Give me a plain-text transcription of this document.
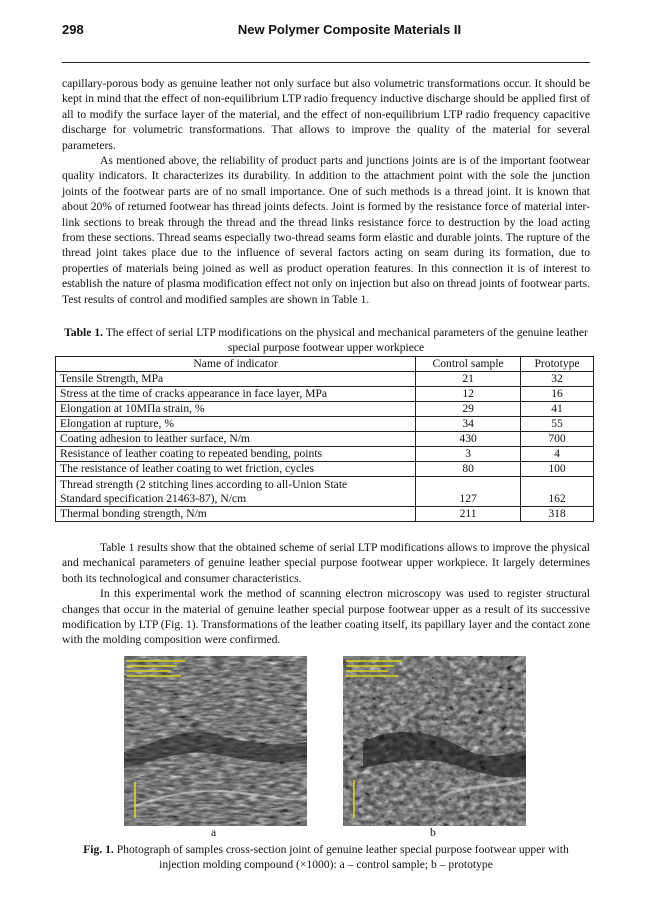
298	New Polymer Composite Materials II

capillary-porous body as genuine leather not only surface but also volumetric transformations occur. It should be kept in mind that the effect of non-equilibrium LTP radio frequency inductive discharge should be applied first of all to modify the surface layer of the material, and the effect of non-equilibrium LTP radio frequency capacitive discharge for volumetric transformations. That allows to improve the quality of the material for several parameters.

As mentioned above, the reliability of product parts and junctions joints are is of the important footwear quality indicators. It characterizes its durability. In addition to the attachment point with the sole the junction joints of the footwear parts are of no small importance. One of such methods is a thread joint. It is known that about 20% of returned footwear has thread joints defects. Joint is formed by the resistance force of material inter-link sections to break through the thread and the thread links resistance force to destruction by the load acting from these sections. Thread seams especially two-thread seams form elastic and durable joints. The rupture of the thread joint takes place due to the influence of several factors acting on seam during its formation, due to properties of materials being joined as well as product operation features. In this connection it is of interest to establish the nature of plasma modification effect not only on injection but also on thread joints of footwear parts. Test results of control and modified samples are shown in Table 1.

Table 1. The effect of serial LTP modifications on the physical and mechanical parameters of the genuine leather special purpose footwear upper workpiece
Name of indicator	Control sample	Prototype
Tensile Strength, MPa	21	32
Stress at the time of cracks appearance in face layer, MPa	12	16
Elongation at 10МПа strain, %	29	41
Elongation at rupture, %	34	55
Coating adhesion to leather surface, N/m	430	700
Resistance of leather coating to repeated bending, points	3	4
The resistance of leather coating to wet friction, cycles	80	100

Thread strength (2 stitching lines according to all-Union State
Standard specification 21463-87), N/cm	127	162
Thermal bonding strength, N/m	211	318

Table 1 results show that the obtained scheme of serial LTP modifications allows to improve the physical and mechanical parameters of genuine leather special purpose footwear upper workpiece. It largely determines both its technological and consumer characteristics.

In this experimental work the method of scanning electron microscopy was used to register structural changes that occur in the material of genuine leather special purpose footwear upper as a result of its successive modification by LTP (Fig. 1). Transformations of the leather coating itself, its papillary layer and the contact zone with the molding composition were confirmed.

a	b
Fig. 1. Photograph of samples cross-section joint of genuine leather special purpose footwear upper with injection molding compound (×1000): a – control sample; b – prototype
